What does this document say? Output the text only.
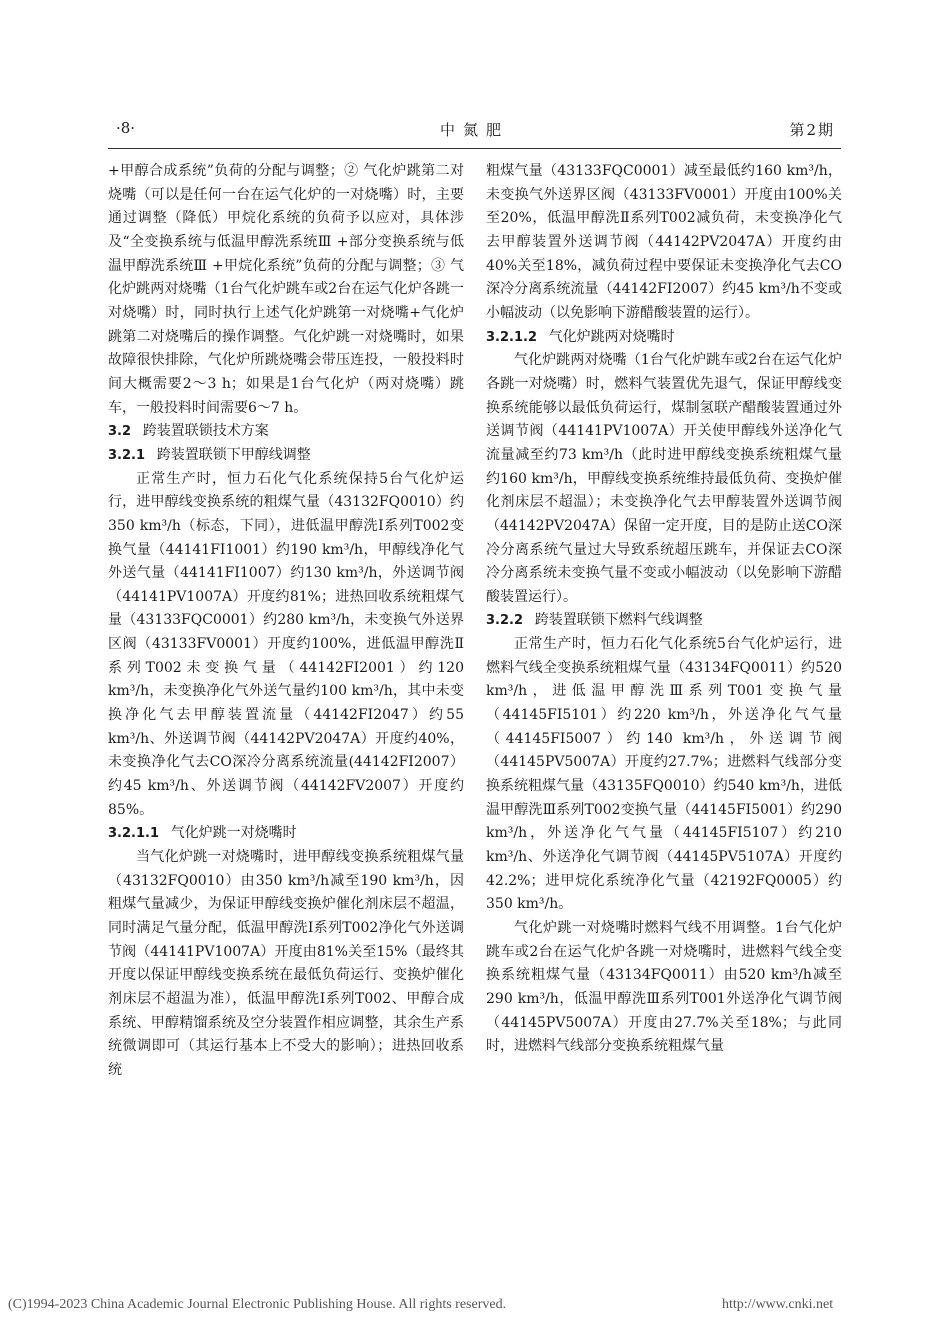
·8·	中氮肥	第2期

+甲醇合成系统”负荷的分配与调整；② 气化炉跳第二对烧嘴（可以是任何一台在运气化炉的一对烧嘴）时，主要通过调整（降低）甲烷化系统的负荷予以应对，具体涉及“全变换系统与低温甲醇洗系统Ⅲ +部分变换系统与低温甲醇洗系统Ⅲ +甲烷化系统”负荷的分配与调整；③ 气化炉跳两对烧嘴（1台气化炉跳车或2台在运气化炉各跳一对烧嘴）时，同时执行上述气化炉跳第一对烧嘴+气化炉跳第二对烧嘴后的操作调整。气化炉跳一对烧嘴时，如果故障很快排除，气化炉所跳烧嘴会带压连投，一般投料时间大概需要2～3 h；如果是1台气化炉（两对烧嘴）跳车，一般投料时间需要6～7 h。

3.2 跨装置联锁技术方案
3.2.1 跨装置联锁下甲醇线调整

正常生产时，恒力石化气化系统保持5台气化炉运行，进甲醇线变换系统的粗煤气量（43132FQ0010）约350 km³/h（标态，下同），进低温甲醇洗Ⅰ系列T002变换气量（44141FI1001）约190 km³/h，甲醇线净化气外送气量（44141FI1007）约130 km³/h，外送调节阀（44141PV1007A）开度约81%；进热回收系统粗煤气量（43133FQC0001）约280 km³/h，未变换气外送界区阀（43133FV0001）开度约100%，进低温甲醇洗Ⅱ系列T002未变换气量（44142FI2001）约120 km³/h，未变换净化气外送气量约100 km³/h，其中未变换净化气去甲醇装置流量（44142FI2047）约55 km³/h、外送调节阀（44142PV2047A）开度约40%，未变换净化气去CO深冷分离系统流量(44142FI2007）约45 km³/h、外送调节阀（44142FV2007）开度约85%。

3.2.1.1 气化炉跳一对烧嘴时

当气化炉跳一对烧嘴时，进甲醇线变换系统粗煤气量（43132FQ0010）由350 km³/h减至190 km³/h，因粗煤气量减少，为保证甲醇线变换炉催化剂床层不超温，同时满足气量分配，低温甲醇洗Ⅰ系列T002净化气外送调节阀（44141PV1007A）开度由81%关至15%（最终其开度以保证甲醇线变换系统在最低负荷运行、变换炉催化剂床层不超温为准），低温甲醇洗Ⅰ系列T002、甲醇合成系统、甲醇精馏系统及空分装置作相应调整，其余生产系统微调即可（其运行基本上不受大的影响）；进热回收系统

粗煤气量（43133FQC0001）减至最低约160 km³/h，未变换气外送界区阀（43133FV0001）开度由100%关至20%，低温甲醇洗Ⅱ系列T002减负荷，未变换净化气去甲醇装置外送调节阀（44142PV2047A）开度约由40%关至18%，减负荷过程中要保证未变换净化气去CO深冷分离系统流量（44142FI2007）约45 km³/h不变或小幅波动（以免影响下游醋酸装置的运行）。

3.2.1.2 气化炉跳两对烧嘴时

气化炉跳两对烧嘴（1台气化炉跳车或2台在运气化炉各跳一对烧嘴）时，燃料气装置优先退气，保证甲醇线变换系统能够以最低负荷运行，煤制氢联产醋酸装置通过外送调节阀（44141PV1007A）开关使甲醇线外送净化气流量减至约73 km³/h（此时进甲醇线变换系统粗煤气量约160 km³/h，甲醇线变换系统维持最低负荷、变换炉催化剂床层不超温）；未变换净化气去甲醇装置外送调节阀（44142PV2047A）保留一定开度，目的是防止送CO深冷分离系统气量过大导致系统超压跳车，并保证去CO深冷分离系统未变换气量不变或小幅波动（以免影响下游醋酸装置运行）。

3.2.2 跨装置联锁下燃料气线调整

正常生产时，恒力石化气化系统5台气化炉运行，进燃料气线全变换系统粗煤气量（43134FQ0011）约520 km³/h，进低温甲醇洗Ⅲ系列T001变换气量（44145FI5101）约220 km³/h，外送净化气气量（44145FI5007）约140 km³/h，外送调节阀（44145PV5007A）开度约27.7%；进燃料气线部分变换系统粗煤气量（43135FQ0010）约540 km³/h，进低温甲醇洗Ⅲ系列T002变换气量（44145FI5001）约290 km³/h，外送净化气气量（44145FI5107）约210 km³/h、外送净化气调节阀（44145PV5107A）开度约42.2%；进甲烷化系统净化气量（42192FQ0005）约350 km³/h。

气化炉跳一对烧嘴时燃料气线不用调整。1台气化炉跳车或2台在运气化炉各跳一对烧嘴时，进燃料气线全变换系统粗煤气量（43134FQ0011）由520 km³/h减至290 km³/h，低温甲醇洗Ⅲ系列T001外送净化气调节阀（44145PV5007A）开度由27.7%关至18%；与此同时，进燃料气线部分变换系统粗煤气量

(C)1994-2023 China Academic Journal Electronic Publishing House. All rights reserved.	http://www.cnki.net
